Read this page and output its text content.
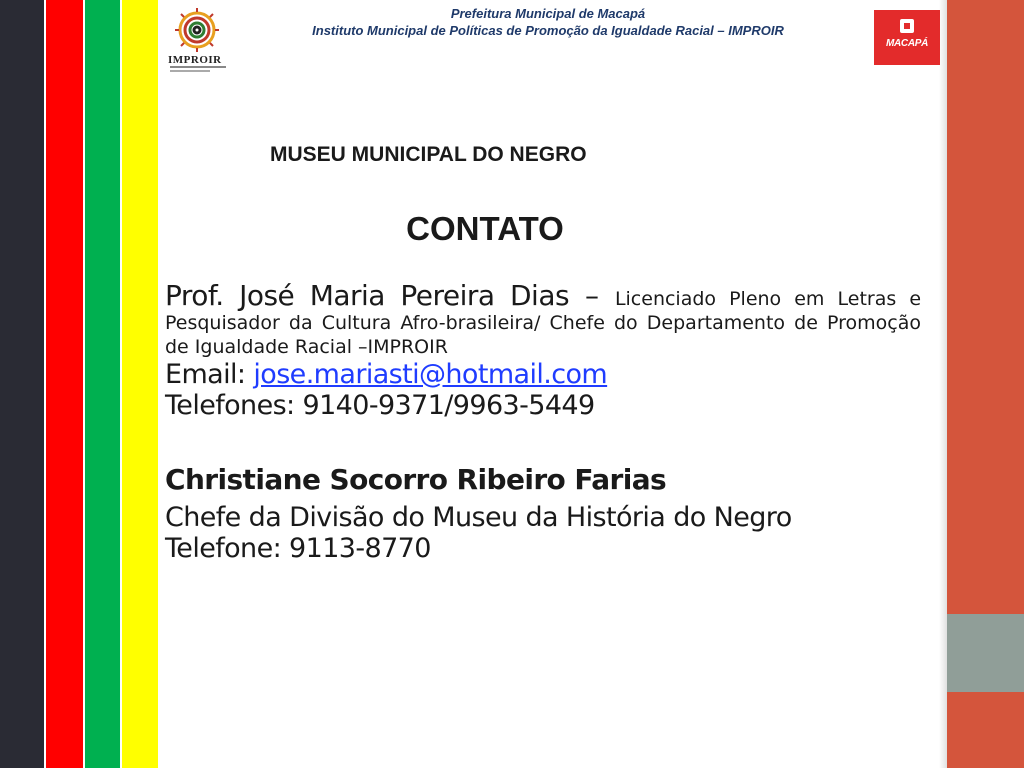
IMPROIR
Prefeitura Municipal de Macapá
Instituto Municipal de Políticas de Promoção da Igualdade Racial – IMPROIR
MACAPÁ
MUSEU MUNICIPAL DO NEGRO
CONTATO
Prof. José Maria Pereira Dias – Licenciado Pleno em Letras e Pesquisador da Cultura Afro-brasileira/ Chefe do Departamento de Promoção de Igualdade Racial –IMPROIR
Email: jose.mariasti@hotmail.com
Telefones: 9140-9371/9963-5449
Christiane Socorro Ribeiro Farias
Chefe da Divisão do Museu da História do Negro
Telefone: 9113-8770
